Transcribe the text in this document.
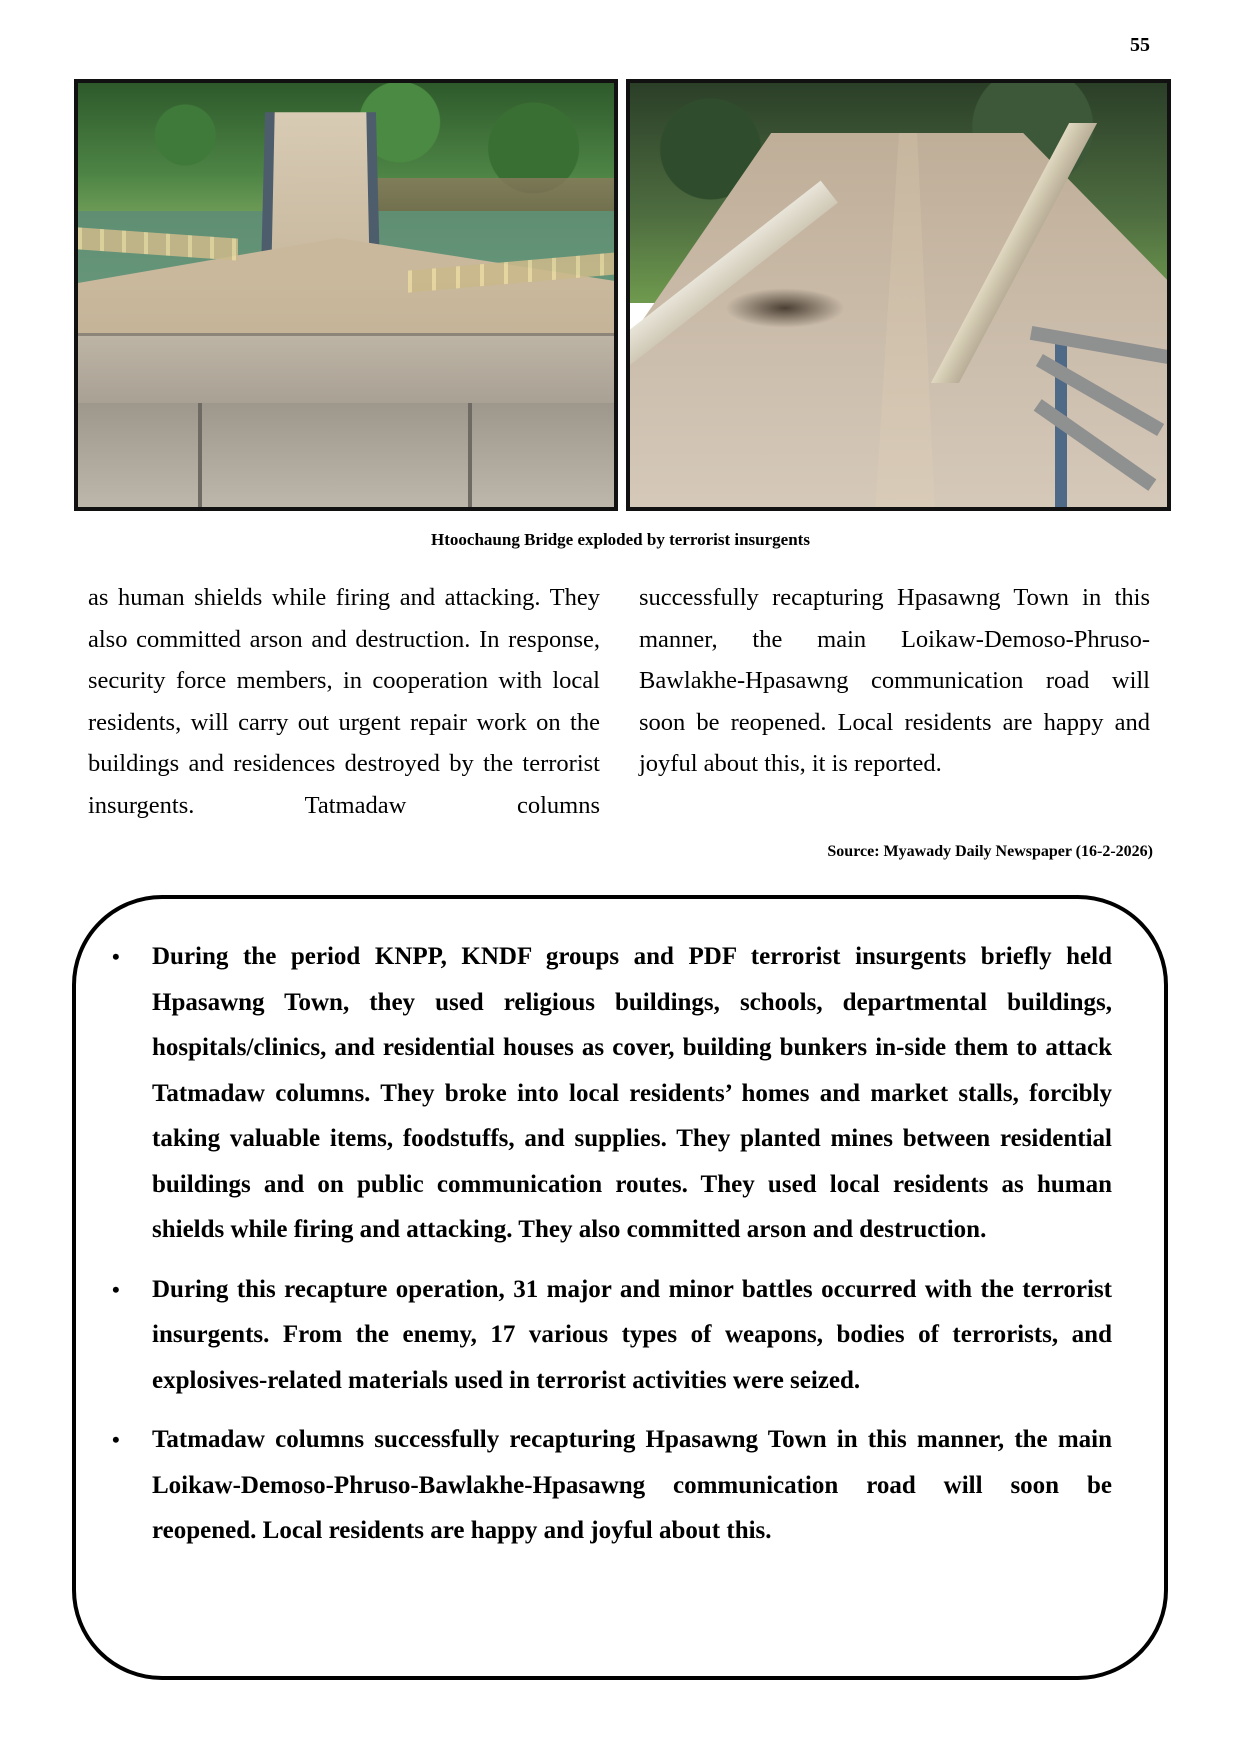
55
Htoochaung Bridge exploded by terrorist insurgents
as human shields while firing and attacking. They also committed arson and destruction. In response, security force members, in cooperation with local residents, will carry out urgent repair work on the buildings and residences destroyed by the terrorist insurgents. Tatmadaw columns
successfully recapturing Hpasawng Town in this manner, the main Loikaw-Demoso-Phruso-Bawlakhe-Hpasawng communication road will soon be reopened. Local residents are happy and joyful about this, it is reported.
Source: Myawady Daily Newspaper (16-2-2026)
• During the period KNPP, KNDF groups and PDF terrorist insurgents briefly held Hpasawng Town, they used religious buildings, schools, departmental buildings, hospitals/clinics, and residential houses as cover, building bunkers in-side them to attack Tatmadaw columns. They broke into local residents’ homes and market stalls, forcibly taking valuable items, foodstuffs, and supplies. They planted mines between residential buildings and on public communication routes. They used local residents as human shields while firing and attacking. They also committed arson and destruction.
• During this recapture operation, 31 major and minor battles occurred with the terrorist insurgents. From the enemy, 17 various types of weapons, bodies of terrorists, and explosives-related materials used in terrorist activities were seized.
• Tatmadaw columns successfully recapturing Hpasawng Town in this manner, the main Loikaw-Demoso-Phruso-Bawlakhe-Hpasawng communication road will soon be reopened. Local residents are happy and joyful about this.
